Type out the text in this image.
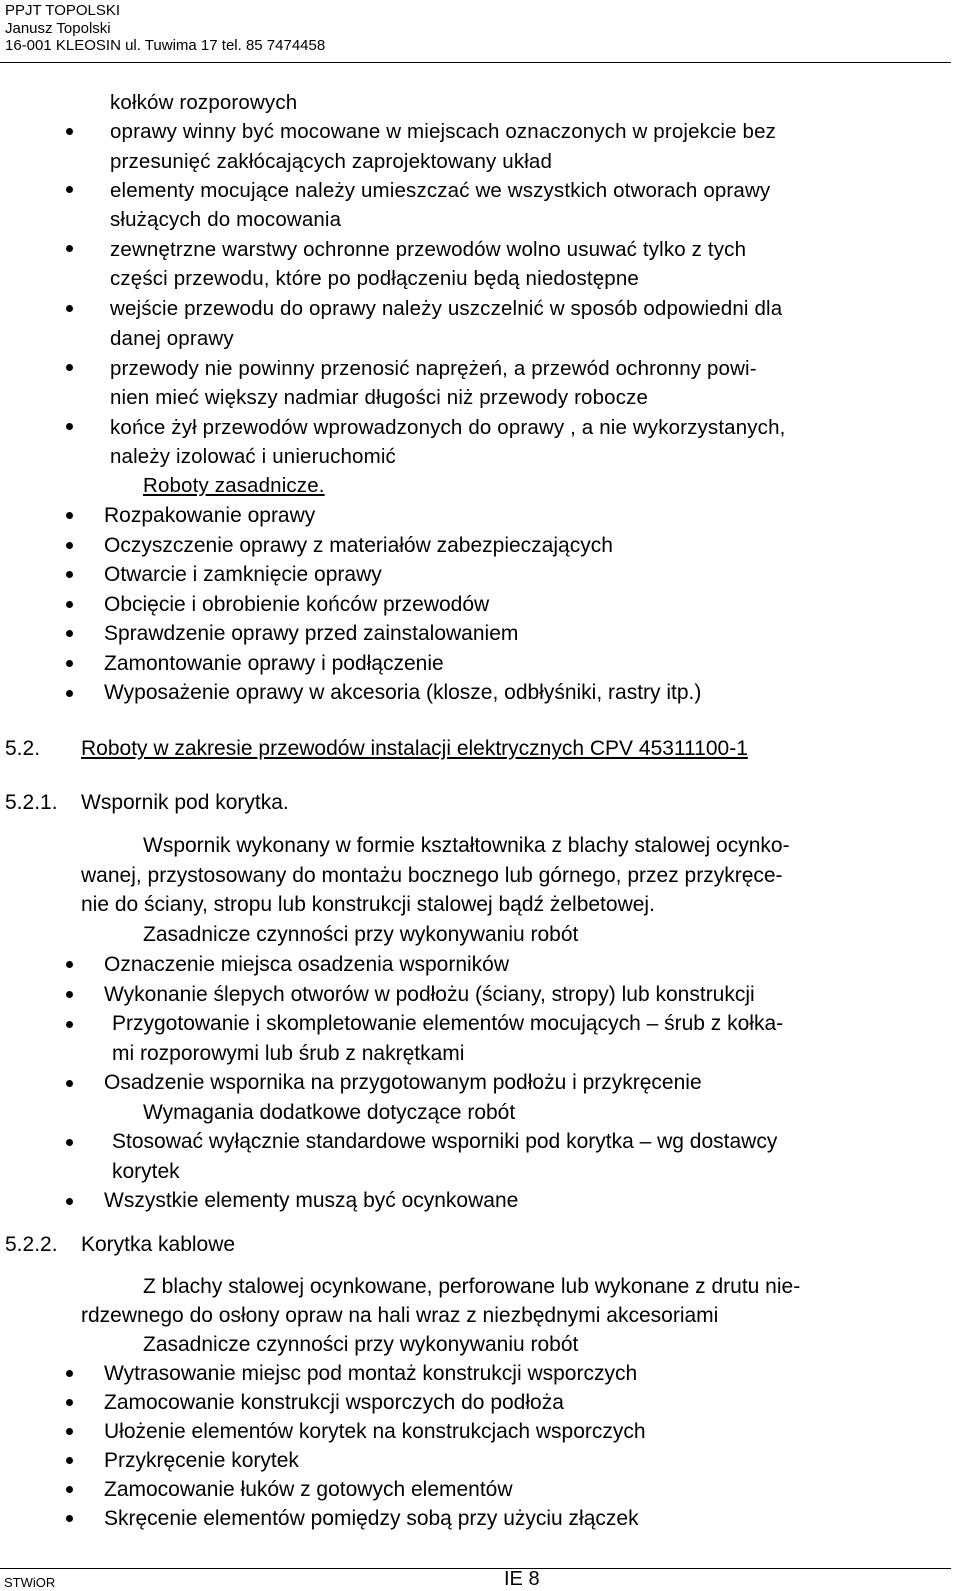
PPJT TOPOLSKI
Janusz Topolski
16-001 KLEOSIN ul. Tuwima 17 tel. 85 7474458
kołków rozporowych
oprawy winny być mocowane w miejscach oznaczonych w projekcie bez
przesunięć zakłócających zaprojektowany układ
elementy mocujące należy umieszczać we wszystkich otworach oprawy
służących do mocowania
zewnętrzne warstwy ochronne przewodów wolno usuwać tylko z tych
części przewodu, które po podłączeniu będą niedostępne
wejście przewodu do oprawy należy uszczelnić w sposób odpowiedni dla
danej oprawy
przewody nie powinny przenosić naprężeń, a przewód ochronny powi-
nien mieć większy nadmiar długości niż przewody robocze
końce żył przewodów wprowadzonych do oprawy , a nie wykorzystanych,
należy izolować i unieruchomić
Roboty zasadnicze.
Rozpakowanie oprawy
Oczyszczenie oprawy z materiałów zabezpieczających
Otwarcie i zamknięcie oprawy
Obcięcie i obrobienie końców przewodów
Sprawdzenie oprawy przed zainstalowaniem
Zamontowanie oprawy i podłączenie
Wyposażenie oprawy w akcesoria (klosze, odbłyśniki, rastry itp.)
5.2. Roboty w zakresie przewodów instalacji elektrycznych CPV 45311100-1
5.2.1. Wspornik pod korytka.
Wspornik wykonany w formie kształtownika z blachy stalowej ocynko-
wanej, przystosowany do montażu bocznego lub górnego, przez przykręce-
nie do ściany, stropu lub konstrukcji stalowej bądź żelbetowej.
Zasadnicze czynności przy wykonywaniu robót
Oznaczenie miejsca osadzenia wsporników
Wykonanie ślepych otworów w podłożu (ściany, stropy) lub konstrukcji
Przygotowanie i skompletowanie elementów mocujących – śrub z kołka-
mi rozporowymi lub śrub z nakrętkami
Osadzenie wspornika na przygotowanym podłożu i przykręcenie
Wymagania dodatkowe dotyczące robót
Stosować wyłącznie standardowe wsporniki pod korytka – wg dostawcy
korytek
Wszystkie elementy muszą być ocynkowane
5.2.2. Korytka kablowe
Z blachy stalowej ocynkowane, perforowane lub wykonane z drutu nie-
rdzewnego do osłony opraw na hali wraz z niezbędnymi akcesoriami
Zasadnicze czynności przy wykonywaniu robót
Wytrasowanie miejsc pod montaż konstrukcji wsporczych
Zamocowanie konstrukcji wsporczych do podłoża
Ułożenie elementów korytek na konstrukcjach wsporczych
Przykręcenie korytek
Zamocowanie łuków z gotowych elementów
Skręcenie elementów pomiędzy sobą przy użyciu złączek
STWiOR	IE 8
